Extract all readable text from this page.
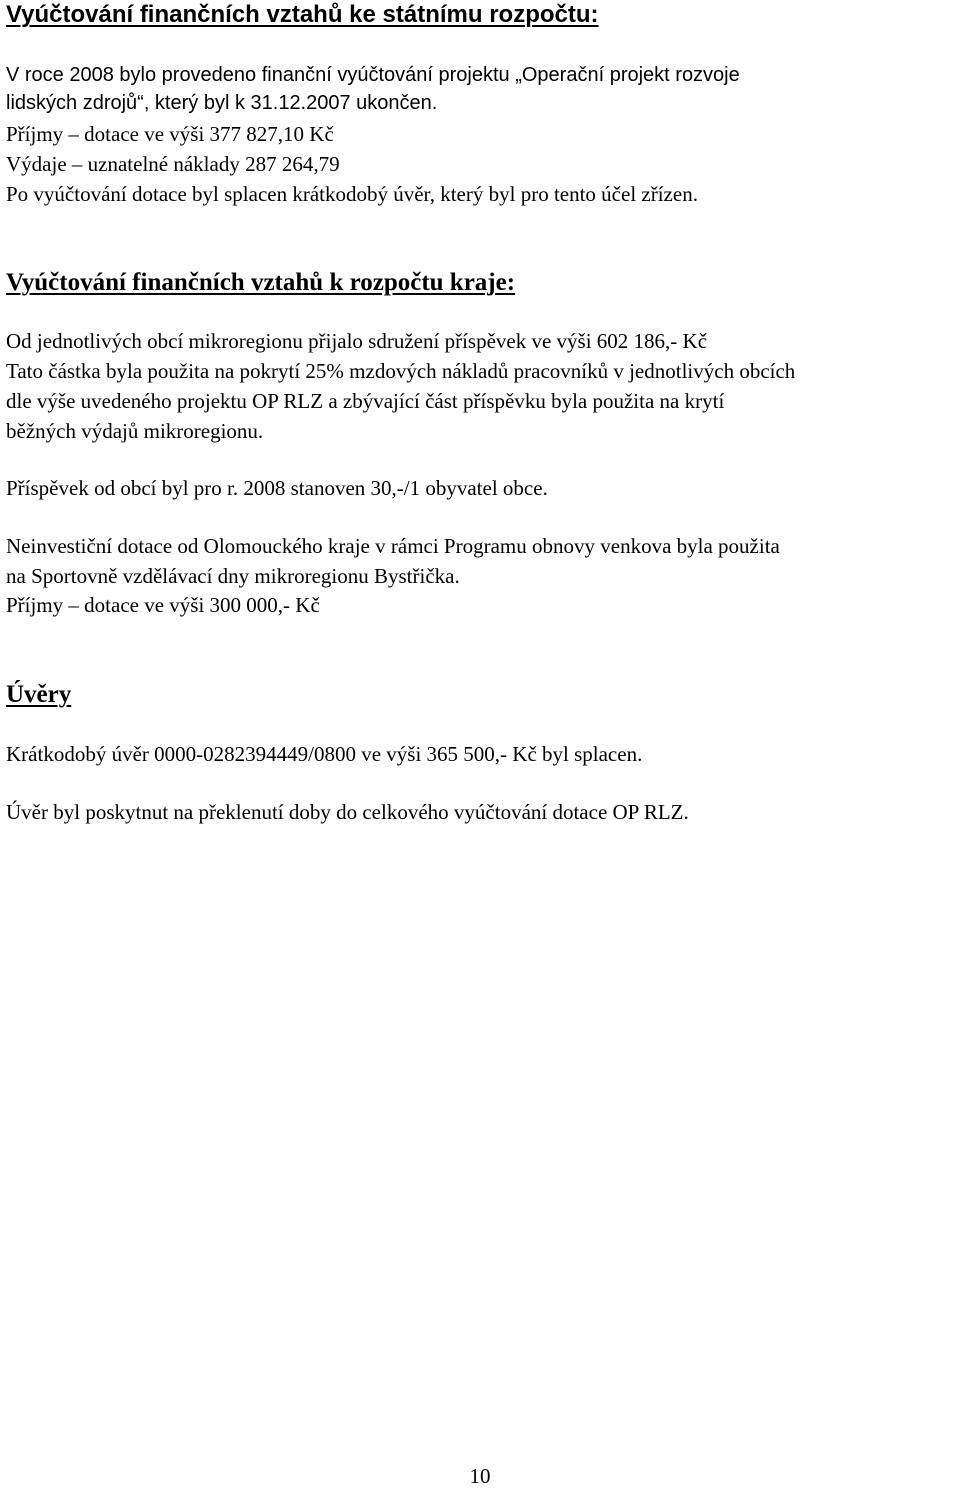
Vyúčtování finančních vztahů ke státnímu rozpočtu:

V roce 2008 bylo provedeno finanční vyúčtování projektu „Operační projekt rozvoje

lidských zdrojů“, který byl k 31.12.2007 ukončen.

Příjmy – dotace ve výši 377 827,10 Kč

Výdaje – uznatelné náklady 287 264,79

Po vyúčtování dotace byl splacen krátkodobý úvěr, který byl pro tento účel zřízen.

Vyúčtování finančních vztahů k rozpočtu kraje:

Od jednotlivých obcí mikroregionu přijalo sdružení příspěvek ve výši 602 186,- Kč

Tato částka byla použita na pokrytí 25% mzdových nákladů pracovníků v jednotlivých obcích

dle výše uvedeného projektu OP RLZ a zbývající část příspěvku byla použita na krytí

běžných výdajů mikroregionu.

Příspěvek od obcí byl pro r. 2008 stanoven 30,-/1 obyvatel obce.

Neinvestiční dotace od Olomouckého kraje v rámci Programu obnovy venkova byla použita

na Sportovně vzdělávací dny mikroregionu Bystřička.

Příjmy – dotace ve výši 300 000,- Kč

Úvěry

Krátkodobý úvěr 0000-0282394449/0800 ve výši 365 500,- Kč byl splacen.

Úvěr byl poskytnut na překlenutí doby do celkového vyúčtování dotace OP RLZ.

10
